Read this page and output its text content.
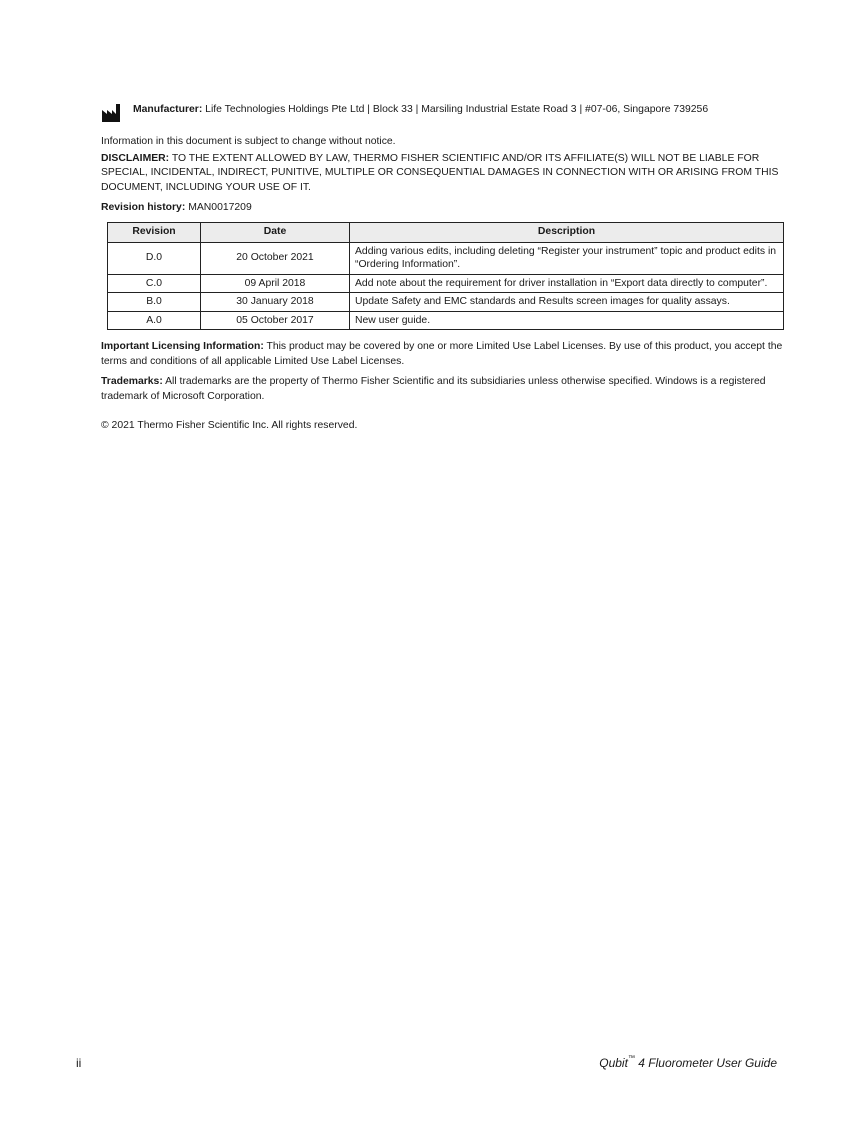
Manufacturer: Life Technologies Holdings Pte Ltd | Block 33 | Marsiling Industrial Estate Road 3 | #07-06, Singapore 739256

Information in this document is subject to change without notice.

DISCLAIMER: TO THE EXTENT ALLOWED BY LAW, THERMO FISHER SCIENTIFIC AND/OR ITS AFFILIATE(S) WILL NOT BE LIABLE FOR SPECIAL, INCIDENTAL, INDIRECT, PUNITIVE, MULTIPLE OR CONSEQUENTIAL DAMAGES IN CONNECTION WITH OR ARISING FROM THIS DOCUMENT, INCLUDING YOUR USE OF IT.

Revision history: MAN0017209

Revision	Date	Description
D.0	20 October 2021	Adding various edits, including deleting “Register your instrument” topic and product edits in “Ordering Information”.
C.0	09 April 2018	Add note about the requirement for driver installation in “Export data directly to computer”.
B.0	30 January 2018	Update Safety and EMC standards and Results screen images for quality assays.
A.0	05 October 2017	New user guide.

Important Licensing Information: This product may be covered by one or more Limited Use Label Licenses. By use of this product, you accept the terms and conditions of all applicable Limited Use Label Licenses.

Trademarks: All trademarks are the property of Thermo Fisher Scientific and its subsidiaries unless otherwise specified. Windows is a registered trademark of Microsoft Corporation.

© 2021 Thermo Fisher Scientific Inc. All rights reserved.

ii	Qubit™ 4 Fluorometer User Guide
